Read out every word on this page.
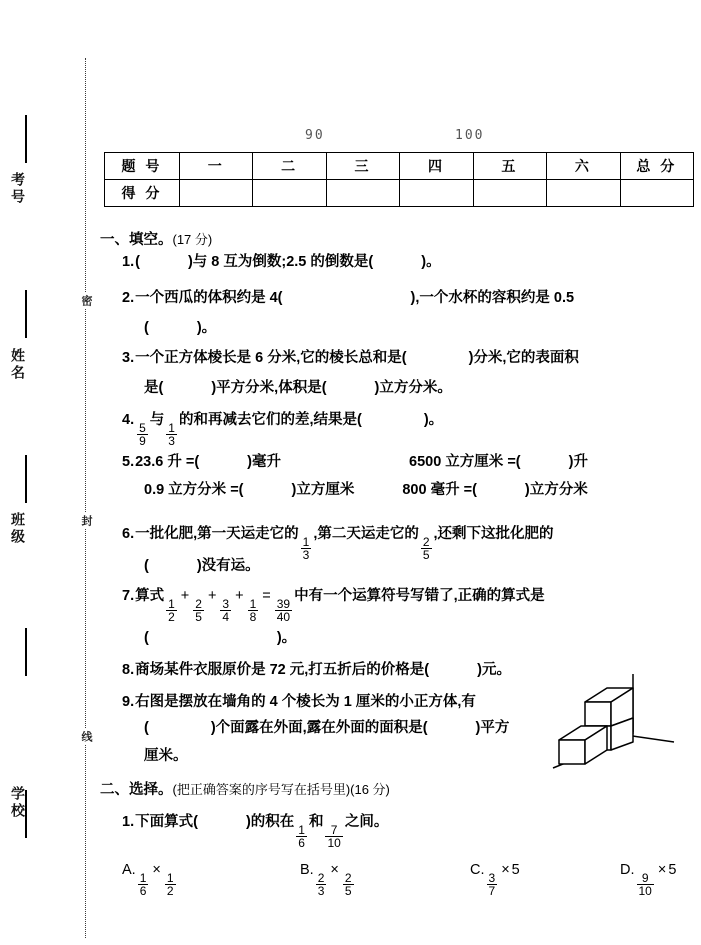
考号
姓名
班级
学校
密
封
线
90	100
题 号	一	二	三	四	五	六	总 分
得 分							
一、填空。(17 分)
1.(	)与 8 互为倒数;2.5 的倒数是(	)。
2.一个西瓜的体积约是 4(	),一个水杯的容积约是 0.5
(	)。
3.一个正方体棱长是 6 分米,它的棱长总和是(	)分米,它的表面积
是(	)平方分米,体积是(	)立方分米。
4.
$\frac{5}{9}$
与
$\frac{1}{3}$
的和再减去它们的差,结果是(	)。
5.23.6 升 =(	)毫升	6500 立方厘米 =(	)升
0.9 立方分米 =(	)立方厘米	800 毫升 =(	)立方分米
6.一批化肥,第一天运走它的
$\frac{1}{3}$
,第二天运走它的
$\frac{2}{5}$
,还剩下这批化肥的
(	)没有运。
7.算式
$\frac{1}{2}$
+
$\frac{2}{5}$
+
$\frac{3}{4}$
+
$\frac{1}{8}$
=
$\frac{39}{40}$
中有一个运算符号写错了,正确的算式是
(	)。
8.商场某件衣服原价是 72 元,打五折后的价格是(	)元。
9.右图是摆放在墙角的 4 个棱长为 1 厘米的小正方体,有
(	)个面露在外面,露在外面的面积是(	)平方
厘米。
二、选择。(把正确答案的序号写在括号里)(16 分)
1.下面算式(	)的积在
$\frac{1}{6}$
和
$\frac{7}{10}$
之间。
A.
$\frac{1}{6}$
×
$\frac{1}{2}$
B.
$\frac{2}{3}$
×
$\frac{2}{5}$
C.
$\frac{3}{7}$
× 5	D.
$\frac{9}{10}$
× 5
